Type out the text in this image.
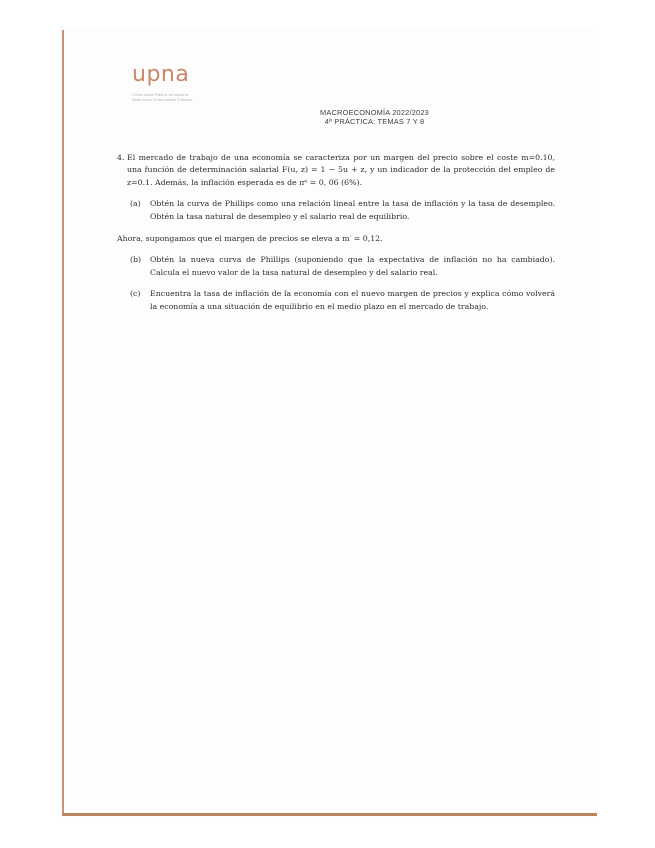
upna
Universidad Pública de Navarra
Nafarroako Unibertsitate Publikoa
MACROECONOMÍA 2022/2023
4ª PRÁCTICA: TEMAS 7 Y 8
4. El mercado de trabajo de una economía se caracteriza por un margen del precio sobre el coste m=0.10, una función de determinación salarial F(u, z) = 1 − 5u + z, y un indicador de la protección del empleo de z=0.1. Además, la inflación esperada es de πᵉ = 0, 06 (6%).
(a)	Obtén la curva de Phillips como una relación lineal entre la tasa de inflación y la tasa de desempleo. Obtén la tasa natural de desempleo y el salario real de equilibrio.
Ahora, supongamos que el margen de precios se eleva a m′ = 0,12.
(b)	Obtén la nueva curva de Phillips (suponiendo que la expectativa de inflación no ha cambiado). Calcula el nuevo valor de la tasa natural de desempleo y del salario real.
(c)	Encuentra la tasa de inflación de la economía con el nuevo margen de precios y explica cómo volverá la economía a una situación de equilibrio en el medio plazo en el mercado de trabajo.
